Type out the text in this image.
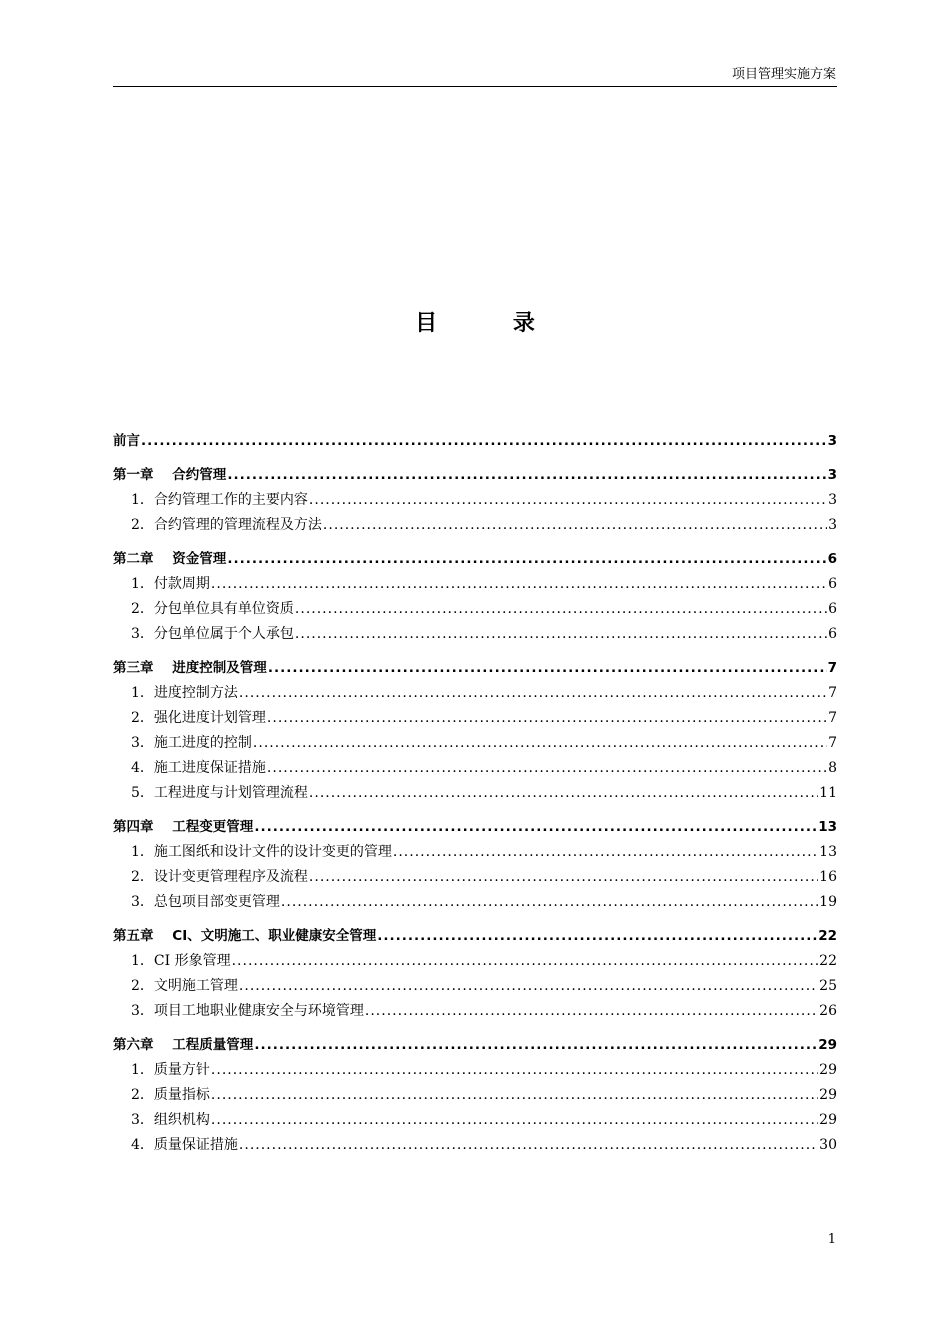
项目管理实施方案
目 录
前言 .....	3
第一章    合约管理 .....	3
1．合约管理工作的主要内容 .....	3
2．合约管理的管理流程及方法 .....	3
第二章    资金管理 .....	6
1．付款周期 .....	6
2．分包单位具有单位资质 .....	6
3．分包单位属于个人承包 .....	6
第三章    进度控制及管理 .....	7
1．进度控制方法 .....	7
2．强化进度计划管理 .....	7
3．施工进度的控制 .....	7
4．施工进度保证措施 .....	8
5．工程进度与计划管理流程 .....	11
第四章    工程变更管理 .....	13
1．施工图纸和设计文件的设计变更的管理 .....	13
2．设计变更管理程序及流程 .....	16
3．总包项目部变更管理 .....	19
第五章    CI、文明施工、职业健康安全管理 .....	22
1．CI 形象管理 .....	22
2．文明施工管理 .....	25
3．项目工地职业健康安全与环境管理 .....	26
第六章    工程质量管理 .....	29
1．质量方针 .....	29
2．质量指标 .....	29
3．组织机构 .....	29
4．质量保证措施 .....	30
1
